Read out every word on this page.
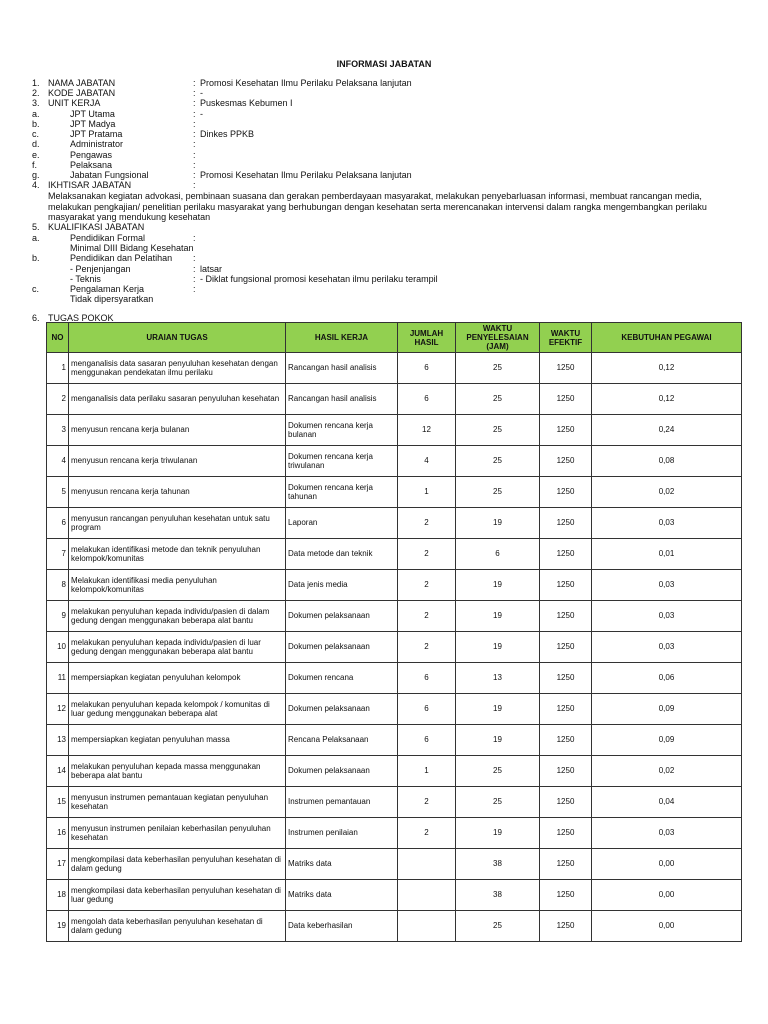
INFORMASI JABATAN
1. NAMA JABATAN	: Promosi Kesehatan Ilmu Perilaku Pelaksana lanjutan
2. KODE JABATAN	: -
3. UNIT KERJA	: Puskesmas Kebumen I
a.	JPT Utama	: -
b.	JPT Madya	:
c.	JPT Pratama	: Dinkes PPKB
d.	Administrator	:
e.	Pengawas	:
f.	Pelaksana	:
g.	Jabatan Fungsional	: Promosi Kesehatan Ilmu Perilaku Pelaksana lanjutan
4. IKHTISAR JABATAN	:
Melaksanakan kegiatan advokasi, pembinaan suasana dan gerakan pemberdayaan masyarakat, melakukan penyebarluasan informasi, membuat rancangan media, melakukan pengkajian/ penelitian perilaku masyarakat yang berhubungan dengan kesehatan serta merencanakan intervensi dalam rangka mengembangkan perilaku masyarakat yang mendukung kesehatan
5. KUALIFIKASI JABATAN
a.	Pendidikan Formal	:
Minimal DIII Bidang Kesehatan
b.	Pendidikan dan Pelatihan :
- Penjenjangan	: latsar
- Teknis	: - Diklat fungsional promosi kesehatan ilmu perilaku terampil
c.	Pengalaman Kerja	:
Tidak dipersyaratkan
6. TUGAS POKOK
NO	URAIAN TUGAS	HASIL KERJA	JUMLAH HASIL	WAKTU PENYELESAIAN (JAM)	WAKTU EFEKTIF	KEBUTUHAN PEGAWAI
1	menganalisis data sasaran penyuluhan kesehatan dengan menggunakan pendekatan ilmu perilaku	Rancangan hasil analisis	6	25	1250	0,12
2	menganalisis data perilaku sasaran penyuluhan kesehatan	Rancangan hasil analisis	6	25	1250	0,12
3	menyusun rencana kerja bulanan	Dokumen rencana kerja bulanan	12	25	1250	0,24
4	menyusun rencana kerja triwulanan	Dokumen rencana kerja triwulanan	4	25	1250	0,08
5	menyusun rencana kerja tahunan	Dokumen rencana kerja tahunan	1	25	1250	0,02
6	menyusun rancangan penyuluhan kesehatan untuk satu program	Laporan	2	19	1250	0,03
7	melakukan identifikasi metode dan teknik penyuluhan kelompok/komunitas	Data metode dan teknik	2	6	1250	0,01
8	Melakukan identifikasi media penyuluhan kelompok/komunitas	Data jenis media	2	19	1250	0,03
9	melakukan penyuluhan kepada individu/pasien di dalam gedung dengan menggunakan beberapa alat bantu	Dokumen pelaksanaan	2	19	1250	0,03
10	melakukan penyuluhan kepada individu/pasien di luar gedung dengan menggunakan beberapa alat bantu	Dokumen pelaksanaan	2	19	1250	0,03
11	mempersiapkan kegiatan penyuluhan kelompok	Dokumen rencana	6	13	1250	0,06
12	melakukan penyuluhan kepada kelompok / komunitas di luar gedung menggunakan beberapa alat	Dokumen pelaksanaan	6	19	1250	0,09
13	mempersiapkan kegiatan penyuluhan massa	Rencana Pelaksanaan	6	19	1250	0,09
14	melakukan penyuluhan kepada massa menggunakan beberapa alat bantu	Dokumen pelaksanaan	1	25	1250	0,02
15	menyusun instrumen pemantauan kegiatan penyuluhan kesehatan	Instrumen pemantauan	2	25	1250	0,04
16	menyusun instrumen penilaian keberhasilan penyuluhan kesehatan	Instrumen penilaian	2	19	1250	0,03
17	mengkompilasi data keberhasilan penyuluhan kesehatan di dalam gedung	Matriks data		38	1250	0,00
18	mengkompilasi data keberhasilan penyuluhan kesehatan di luar gedung	Matriks data		38	1250	0,00
19	mengolah data keberhasilan penyuluhan kesehatan di dalam gedung	Data keberhasilan		25	1250	0,00
